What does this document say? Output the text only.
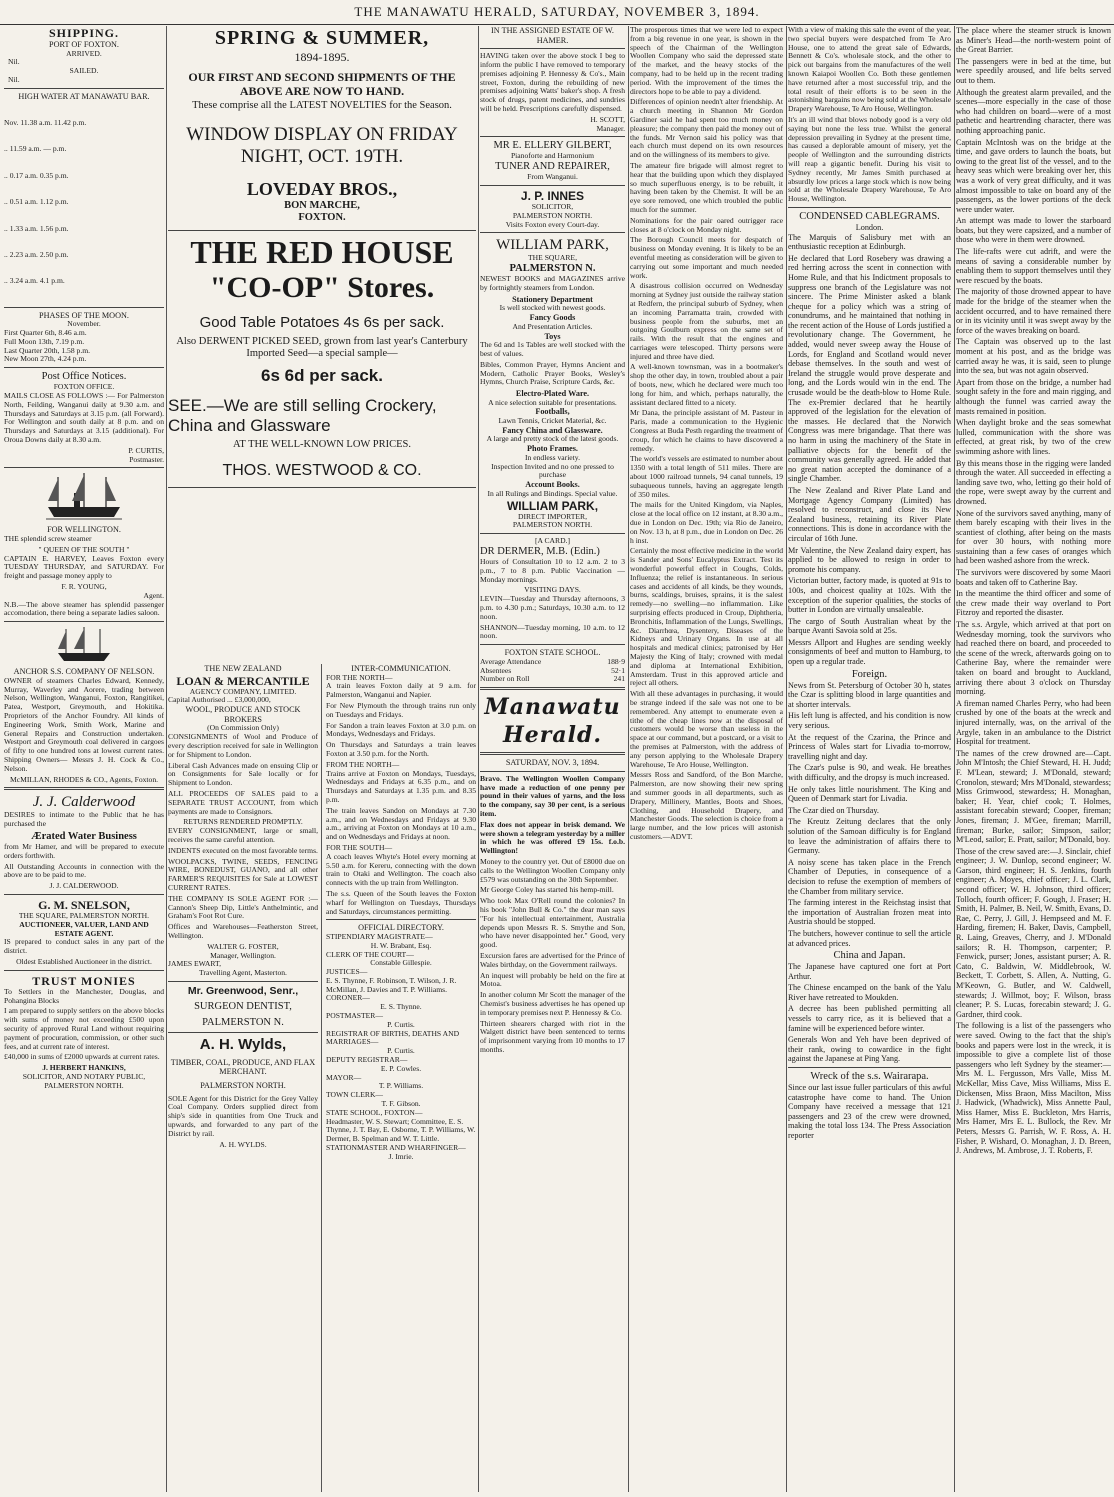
THE MANAWATU HERALD, SATURDAY, NOVEMBER 3, 1894.
SHIPPING.
PORT OF FOXTON.
ARRIVED.
Nil.
SAILED.
Nil.
HIGH WATER AT MANAWATU BAR.

Nov. 11.38 a.m. 11.42 p.m.

.. 11.59 a.m. — p.m.

.. 0.17 a.m. 0.35 p.m.

.. 0.51 a.m. 1.12 p.m.

.. 1.33 a.m. 1.56 p.m.

.. 2.23 a.m. 2.50 p.m.

.. 3.24 a.m. 4.1 p.m.

PHASES OF THE MOON.
November.
First Quarter 6th, 8.46 a.m.
Full Moon 13th, 7.19 p.m.
Last Quarter 20th, 1.58 p.m.
New Moon 27th, 4.24 p.m.
Post Office Notices.
FOXTON OFFICE.

MAILS CLOSE AS FOLLOWS :— For Palmerston North, Feilding, Wanganui daily at 9.30 a.m. and Thursdays and Saturdays at 3.15 p.m. (all Forward). For Wellington and south daily at 8 p.m. and on Thursdays and Saturdays at 3.15 (additional). For Oroua Downs daily at 8.30 a.m.

P. CURTIS,
Postmaster.
FOR WELLINGTON.

THE splendid screw steamer

" QUEEN OF THE SOUTH "

CAPTAIN E. HARVEY, Leaves Foxton every TUESDAY THURSDAY, and SATURDAY. For freight and passage money apply to

F. R. YOUNG,
Agent.

N.B.—The above steamer has splendid passenger accomodation, there being a separate ladies saloon.

ANCHOR S.S. COMPANY OF NELSON.

OWNER of steamers Charles Edward, Kennedy, Murray, Waverley and Aorere, trading between Nelson, Wellington, Wanganui, Foxton, Rangitikei, Patea, Westport, Greymouth, and Hokitika. Proprietors of the Anchor Foundry. All kinds of Engineering Work, Smith Work, Marine and General Repairs and Construction undertaken. Westport and Greymouth coal delivered in cargoes of fifty to one hundred tons at lowest current rates. Shipping Owners— Messrs J. H. Cock & Co., Nelson.

McMILLAN, RHODES & CO., Agents, Foxton.
J. J. Calderwood

DESIRES to intimate to the Public that he has purchased the

Ærated Water Business

from Mr Hamer, and will be prepared to execute orders forthwith.

All Outstanding Accounts in connection with the above are to be paid to me.

J. J. CALDERWOOD.
G. M. SNELSON,
THE SQUARE, PALMERSTON NORTH.
AUCTIONEER, VALUER, LAND AND ESTATE AGENT.

IS prepared to conduct sales in any part of the district.

Oldest Established Auctioneer in the district.
TRUST MONIES

To Settlers in the Manchester, Douglas, and Pohangina Blocks

I am prepared to supply settlers on the above blocks with sums of money not exceeding £500 upon security of approved Rural Land without requiring payment of procuration, commission, or other such fees, and at current rate of interest.

£40,000 in sums of £2000 upwards at current rates.

J. HERBERT HANKINS,
SOLICITOR, AND NOTARY PUBLIC,
PALMERSTON NORTH.
SPRING & SUMMER,
1894-1895.
OUR FIRST AND SECOND SHIPMENTS OF THE ABOVE ARE NOW TO HAND.
These comprise all the LATEST NOVELTIES for the Season.
WINDOW DISPLAY ON FRIDAY NIGHT, OCT. 19TH.
LOVEDAY BROS.,
BON MARCHE,
FOXTON.
THE RED HOUSE
"CO-OP" Stores.
Good Table Potatoes 4s 6s per sack.
Also DERWENT PICKED SEED, grown from last year's Canterbury Imported Seed—a special sample—
6s 6d per sack.
SEE.—We are still selling Crockery, China and Glassware
AT THE WELL-KNOWN LOW PRICES.
THOS. WESTWOOD & CO.
THE NEW ZEALAND
LOAN & MERCANTILE
AGENCY COMPANY, LIMITED.
Capital Authorised ... £3,000,000,
WOOL, PRODUCE AND STOCK BROKERS
(On Commission Only)

CONSIGNMENTS of Wool and Produce of every description received for sale in Wellington or for Shipment to London.

Liberal Cash Advances made on ensuing Clip or on Consignments for Sale locally or for Shipment to London.

ALL PROCEEDS OF SALES paid to a SEPARATE TRUST ACCOUNT, from which payments are made to Consignors.

RETURNS RENDERED PROMPTLY.

EVERY CONSIGNMENT, large or small, receives the same careful attention.

INDENTS executed on the most favorable terms.

WOOLPACKS, TWINE, SEEDS, FENCING WIRE, BONEDUST, GUANO, and all other FARMER'S REQUISITES for Sale at LOWEST CURRENT RATES.

THE COMPANY IS SOLE AGENT FOR :—Cannon's Sheep Dip, Little's Anthelmintic, and Graham's Foot Rot Cure.

Offices and Warehouses—Featherston Street, Wellington.

WALTER G. FOSTER,
Manager, Wellington.
JAMES EWART,
Travelling Agent, Masterton.
Mr. Greenwood, Senr.,
SURGEON DENTIST,
PALMERSTON N.
A. H. Wylds,
TIMBER, COAL, PRODUCE, AND FLAX MERCHANT.
PALMERSTON NORTH.

SOLE Agent for this District for the Grey Valley Coal Company. Orders supplied direct from ship's side in quantities from One Truck and upwards, and forwarded to any part of the District by rail.

A. H. WYLDS.
INTER-COMMUNICATION.
FOR THE NORTH—

A train leaves Foxton daily at 9 a.m. for Palmerston, Wanganui and Napier.

For New Plymouth the through trains run only on Tuesdays and Fridays.

For Sandon a train leaves Foxton at 3.0 p.m. on Mondays, Wednesdays and Fridays.

On Thursdays and Saturdays a train leaves Foxton at 3.50 p.m. for the North.

FROM THE NORTH—

Trains arrive at Foxton on Mondays, Tuesdays, Wednesdays and Fridays at 6.35 p.m., and on Thursdays and Saturdays at 1.35 p.m. and 8.35 p.m.

The train leaves Sandon on Mondays at 7.30 a.m., and on Wednesdays and Fridays at 9.30 a.m., arriving at Foxton on Mondays at 10 a.m., and on Wednesdays and Fridays at noon.

FOR THE SOUTH—

A coach leaves Whyte's Hotel every morning at 5.50 a.m. for Kereru, connecting with the down train to Otaki and Wellington. The coach also connects with the up train from Wellington.

The s.s. Queen of the South leaves the Foxton wharf for Wellington on Tuesdays, Thursdays and Saturdays, circumstances permitting.

OFFICIAL DIRECTORY.
STIPENDIARY MAGISTRATE—
H. W. Brabant, Esq.
CLERK OF THE COURT—
Constable Gillespie.
JUSTICES—
E. S. Thynne, F. Robinson, T. Wilson, J. R. McMillan, J. Davies and T. P. Williams.
CORONER—
E. S. Thynne.
POSTMASTER—
P. Curtis.
REGISTRAR OF BIRTHS, DEATHS AND MARRIAGES—
P. Curtis.
DEPUTY REGISTRAR—
E. P. Cowles.
MAYOR—
T. P. Williams.
TOWN CLERK—
T. F. Gibson.
STATE SCHOOL, FOXTON—
Headmaster, W. S. Stewart; Committee, E. S. Thynne, J. T. Bay, E. Osborne, T. P. Williams, W. Dermer, B. Spelman and W. T. Little.
STATIONMASTER AND WHARFINGER—
J. Imrie.
IN THE ASSIGNED ESTATE OF W. HAMER.

HAVING taken over the above stock I beg to inform the public I have removed to temporary premises adjoining P. Hennessy & Co's., Main street, Foxton, during the rebuilding of new premises adjoining Watts' baker's shop. A fresh stock of drugs, patent medicines, and sundries will be held. Prescriptions carefully dispensed.

H. SCOTT,
Manager.
MR E. ELLERY GILBERT,
Pianoforte and Harmonium
TUNER AND REPAIRER,
From Wanganui.
J. P. INNES
SOLICITOR,
PALMERSTON NORTH.
Visits Foxton every Court-day.
WILLIAM PARK,
THE SQUARE,
PALMERSTON N.

NEWEST BOOKS and MAGAZINES arrive by fortnightly steamers from London.

Stationery Department
Is well stocked with newest goods.
Fancy Goods
And Presentation Articles.
Toys

The 6d and 1s Tables are well stocked with the best of values.

Bibles, Common Prayer, Hymns Ancient and Modern, Catholic Prayer Books, Wesley's Hymns, Church Praise, Scripture Cards, &c.

Electro-Plated Ware.
A nice selection suitable for presentations.
Footballs,
Lawn Tennis, Cricket Material, &c.
Fancy China and Glassware.
A large and pretty stock of the latest goods.
Photo Frames.
In endless variety.
Inspection Invited and no one pressed to purchase
Account Books.
In all Rulings and Bindings. Special value.
WILLIAM PARK,
DIRECT IMPORTER,
PALMERSTON NORTH.
[A CARD.]
DR DERMER, M.B. (Edin.)

Hours of Consultation 10 to 12 a.m. 2 to 3 p.m., 7 to 8 p.m. Public Vaccination — Monday mornings.

VISITING DAYS.

LEVIN—Tuesday and Thursday afternoons, 3 p.m. to 4.30 p.m.; Saturdays, 10.30 a.m. to 12 noon.

SHANNON—Tuesday morning, 10 a.m. to 12 noon.

FOXTON STATE SCHOOL.
Average Attendance	188·9
Absentees	52·1
Number on Roll	241
Manawatu Herald.
SATURDAY, NOV. 3, 1894.

Bravo. The Wellington Woollen Company have made a reduction of one penny per pound in their values of yarns, and the loss to the company, say 30 per cent, is a serious item.

Flax does not appear in brisk demand. We were shown a telegram yesterday by a miller in which he was offered £9 15s. f.o.b. Wellington!

Money to the country yet. Out of £8000 due on calls to the Wellington Woollen Company only £579 was outstanding on the 30th September.

Mr George Coley has started his hemp-mill.

Who took Max O'Rell round the colonies? In his book "John Bull & Co." the dear man says "For his intellectual entertainment, Australia depends upon Messrs R. S. Smythe and Son, who have never disappointed her." Good, very good.

Excursion fares are advertised for the Prince of Wales birthday, on the Government railways.

An inquest will probably be held on the fire at Motoa.

In another column Mr Scott the manager of the Chemist's business advertises he has opened up in temporary premises next P. Hennessy & Co.

Thirteen shearers charged with riot in the Walgett district have been sentenced to terms of imprisonment varying from 10 months to 17 months.

The prosperous times that we were led to expect from a big revenue in one year, is shown in the speech of the Chairman of the Wellington Woollen Company who said the depressed state of the market, and the heavy stocks of the company, had to be held up in the recent trading period. With the improvement of the times the directors hope to be able to pay a dividend.

Differences of opinion needn't alter friendship. At a church meeting in Shannon Mr Gordon Gardiner said he had spent too much money on pleasure; the company then paid the money out of the funds. Mr Vernon said his policy was that each church must depend on its own resources and on the willingness of its members to give.

The amateur fire brigade will almost regret to hear that the building upon which they displayed so much superfluous energy, is to be rebuilt, it having been taken by the Chemist. It will be an eye sore removed, one which troubled the public much for the summer.

Nominations for the pair oared outrigger race closes at 8 o'clock on Monday night.

The Borough Council meets for despatch of business on Monday evening. It is likely to be an eventful meeting as consideration will be given to carrying out some important and much needed work.

A disastrous collision occurred on Wednesday morning at Sydney just outside the railway station at Redfern, the principal suburb of Sydney, when an incoming Parramatta train, crowded with business people from the suburbs, met an outgoing Goulburn express on the same set of rails. With the result that the engines and carriages were telescoped. Thirty persons were injured and three have died.

A well-known townsman, was in a bootmaker's shop the other day, in town, troubled about a pair of boots, new, which he declared were much too long for him, and which, perhaps naturally, the assistant declared fitted to a nicety.

Mr Dana, the principle assistant of M. Pasteur in Paris, made a communication to the Hygienic Congress at Buda Pesth regarding the treatment of croup, for which he claims to have discovered a remedy.

The world's vessels are estimated to number about 1350 with a total length of 511 miles. There are about 1000 railroad tunnels, 94 canal tunnels, 19 subaqueous tunnels, having an aggregate length of 350 miles.

The mails for the United Kingdom, via Naples, close at the local office on 12 instant, at 8.30 a.m., due in London on Dec. 19th; via Rio de Janeiro, on Nov. 13 h, at 8 p.m., due in London on Dec. 26 h inst.

Certainly the most effective medicine in the world is Sander and Sons' Eucalyptus Extract. Test its wonderful powerful effect in Coughs, Colds, Influenza; the relief is instantaneous. In serious cases and accidents of all kinds, be they wounds, burns, scaldings, bruises, sprains, it is the salest remedy—no swelling—no inflammation. Like surprising effects produced in Croup, Diphtheria, Bronchitis, Inflammation of the Lungs, Swellings, &c. Diarrhœa, Dysentery, Diseases of the Kidneys and Urinary Organs. In use at all hospitals and medical clinics; patronised by Her Majesty the King of Italy; crowned with medal and diploma at International Exhibition, Amsterdam. Trust in this approved article and reject all others.

With all these advantages in purchasing, it would be strange indeed if the sale was not one to be remembered. Any attempt to enumerate even a tithe of the cheap lines now at the disposal of customers would be worse than useless in the space at our command, but a postcard, or a visit to the premises at Palmerston, with the address of any person applying to the Wholesale Drapery Warehouse, Te Aro House, Wellington.

Messrs Ross and Sandford, of the Bon Marche, Palmerston, are now showing their new spring and summer goods in all departments, such as Drapery, Millinery, Mantles, Boots and Shoes, Clothing, and Household Drapery, and Manchester Goods. The selection is choice from a large number, and the low prices will astonish customers.—ADVT.

With a view of making this sale the event of the year, two special buyers were despatched from Te Aro House, one to attend the great sale of Edwards, Bennett & Co's. wholesale stock, and the other to pick out bargains from the manufactures of the well known Kaiapoi Woollen Co. Both these gentlemen have returned after a most successful trip, and the total result of their efforts is to be seen in the astonishing bargains now being sold at the Wholesale Drapery Warehouse, Te Aro House, Wellington.

It's an ill wind that blows nobody good is a very old saying but none the less true. Whilst the general depression prevailing in Sydney at the present time, has caused a deplorable amount of misery, yet the people of Wellington and the surrounding districts will reap a gigantic benefit. During his visit to Sydney recently, Mr James Smith purchased at absurdly low prices a large stock which is now being sold at the Wholesale Drapery Warehouse, Te Aro House, Wellington.

CONDENSED CABLEGRAMS.
London.

The Marquis of Salisbury met with an enthusiastic reception at Edinburgh.

He declared that Lord Rosebery was drawing a red herring across the scent in connection with Home Rule, and that his Indictment proposals to suppress one branch of the Legislature was not sincere. The Prime Minister asked a blank cheque for a policy which was a string of conundrums, and he maintained that nothing in the recent action of the House of Lords justified a revolutionary change. The Government, he added, would never sweep away the House of Lords, for England and Scotland would never debase themselves. In the south and west of Ireland the struggle would prove desperate and long, and the Lords would win in the end. The crusade would be the death-blow to Home Rule. The ex-Premier declared that he heartily approved of the legislation for the elevation of the masses. He declared that the Norwich Congress was mere brigandage. That there was no harm in using the machinery of the State in palliative objects for the benefit of the community was generally agreed. He added that no great nation accepted the dominance of a single Chamber.

The New Zealand and River Plate Land and Mortgage Agency Company (Limited) has resolved to reconstruct, and close its New Zealand business, retaining its River Plate connections. This is done in accordance with the circular of 16th June.

Mr Valentine, the New Zealand dairy expert, has applied to be allowed to resign in order to promote his company.

Victorian butter, factory made, is quoted at 91s to 100s, and choicest quality at 102s. With the exception of the superior qualities, the stocks of butter in London are virtually unsaleable.

The cargo of South Australian wheat by the barque Avanti Savoia sold at 25s.

Messrs Allport and Hughes are sending weekly consignments of beef and mutton to Hamburg, to open up a regular trade.

Foreign.

News from St. Petersburg of October 30 h, states the Czar is splitting blood in large quantities and at shorter intervals.

His left lung is affected, and his condition is now very serious.

At the request of the Czarina, the Prince and Princess of Wales start for Livadia to-morrow, travelling night and day.

The Czar's pulse is 90, and weak. He breathes with difficulty, and the dropsy is much increased.

He only takes little nourishment. The King and Queen of Denmark start for Livadia.

The Czar died on Thursday.

The Kreutz Zeitung declares that the only solution of the Samoan difficulty is for England to leave the administration of affairs there to Germany.

A noisy scene has taken place in the French Chamber of Deputies, in consequence of a decision to refuse the exemption of members of the Chamber from military service.

The farming interest in the Reichstag insist that the importation of Australian frozen meat into Austria should be stopped.

The butchers, however continue to sell the article at advanced prices.

China and Japan.

The Japanese have captured one fort at Port Arthur.

The Chinese encamped on the bank of the Yalu River have retreated to Moukden.

A decree has been published permitting all vessels to carry rice, as it is believed that a famine will be experienced before winter.

Generals Won and Yeh have been deprived of their rank, owing to cowardice in the fight against the Japanese at Ping Yang.

Wreck of the s.s. Wairarapa.

Since our last issue fuller particulars of this awful catastrophe have come to hand. The Union Company have received a message that 121 passengers and 23 of the crew were drowned, making the total loss 134. The Press Association reporter

The place where the steamer struck is known as Miner's Head—the north-western point of the Great Barrier.

The passengers were in bed at the time, but were speedily aroused, and life belts served out to them.

Although the greatest alarm prevailed, and the scenes—more especially in the case of those who had children on board—were of a most pathetic and heartrending character, there was nothing approaching panic.

Captain McIntosh was on the bridge at the time, and gave orders to launch the boats, but owing to the great list of the vessel, and to the heavy seas which were breaking over her, this was a work of very great difficulty, and it was almost impossible to take on board any of the passengers, as the lower portions of the deck were under water.

An attempt was made to lower the starboard boats, but they were capsized, and a number of those who were in them were drowned.

The life-rafts were cut adrift, and were the means of saving a considerable number by enabling them to support themselves until they were rescued by the boats.

The majority of those drowned appear to have made for the bridge of the steamer when the accident occurred, and to have remained there or in its vicinity until it was swept away by the force of the waves breaking on board.

The Captain was observed up to the last moment at his post, and as the bridge was carried away he was, it is said, seen to plunge into the sea, but was not again observed.

Apart from those on the bridge, a number had sought safety in the fore and main rigging, and although the funnel was carried away the masts remained in position.

When daylight broke and the seas somewhat lulled, communication with the shore was effected, at great risk, by two of the crew swimming ashore with lines.

By this means those in the rigging were landed through the water. All succeeded in effecting a landing save two, who, letting go their hold of the rope, were swept away by the current and drowned.

None of the survivors saved anything, many of them barely escaping with their lives in the scantiest of clothing, after being on the masts for over 30 hours, with nothing more sustaining than a few cases of oranges which had been washed ashore from the wreck.

The survivors were discovered by some Maori boats and taken off to Catherine Bay.

In the meantime the third officer and some of the crew made their way overland to Port Fitzroy and reported the disaster.

The s.s. Argyle, which arrived at that port on Wednesday morning, took the survivors who had reached there on board, and proceeded to the scene of the wreck, afterwards going on to Catherine Bay, where the remainder were taken on board and brought to Auckland, arriving there about 3 o'clock on Thursday morning.

A fireman named Charles Perry, who had been crushed by one of the boats at the wreck and injured internally, was, on the arrival of the Argyle, taken in an ambulance to the District Hospital for treatment.

The names of the crew drowned are—Capt. John M'Intosh; the Chief Steward, H. H. Judd; F. M'Lean, steward; J. M'Donald, steward; Cronolon, steward; Mrs M'Donald, stewardess; Miss Grimwood, stewardess; H. Monaghan, baker; H. Year, chief cook; T. Holmes, assistant forecabin steward; Cooper, fireman; Jones, fireman; J. M'Gee, fireman; Marrill, fireman; Burke, sailor; Simpson, sailor; M'Leod, sailor; E. Pratt, sailor; M'Donald, boy.

Those of the crew saved are:—J. Sinclair, chief engineer; J. W. Dunlop, second engineer; W. Garson, third engineer; H. S. Jenkins, fourth engineer; A. Moyes, chief officer; J. L. Clark, second officer; W. H. Johnson, third officer; Tolloch, fourth officer; F. Gough, J. Fraser; H. Smith, H. Palmer, B. Neil, W. Smith, Evans, D. Rae, C. Perry, J. Gill, J. Hempseed and M. F. Harding, firemen; H. Baker, Davis, Campbell, R. Laing, Greaves, Cherry, and J. M'Donald sailors; R. H. Thompson, carpenter; P. Fenwick, purser; Jones, assistant purser; A. R. Cato, C. Baldwin, W. Middlebrook, W. Beckett, T. Corbett, S. Allen, A. Nutting, G. M'Keown, G. Butler, and W. Caldwell, stewards; J. Willmot, boy; F. Wilson, brass cleaner; P. S. Lucas, forecabin steward; J. G. Gardner, third cook.

The following is a list of the passengers who were saved. Owing to the fact that the ship's books and papers were lost in the wreck, it is impossible to give a complete list of those passengers who left Sydney by the steamer:—Mrs M. L. Fergusson, Mrs Valle, Miss M. McKellar, Miss Cave, Miss Williams, Miss E. Dickensen, Miss Braon, Miss Macilton, Miss J. Hadwick, (Whadwick), Miss Annette Paul, Miss Hamer, Miss E. Buckleton, Mrs Harris, Mrs Hamer, Mrs E. L. Bullock, the Rev. Mr Peters, Messrs G. Parrish, W. F. Ross, A. H. Fisher, P. Wishard, O. Monaghan, J. D. Breen, J. Andrews, M. Ambrose, J. T. Roberts, F.
